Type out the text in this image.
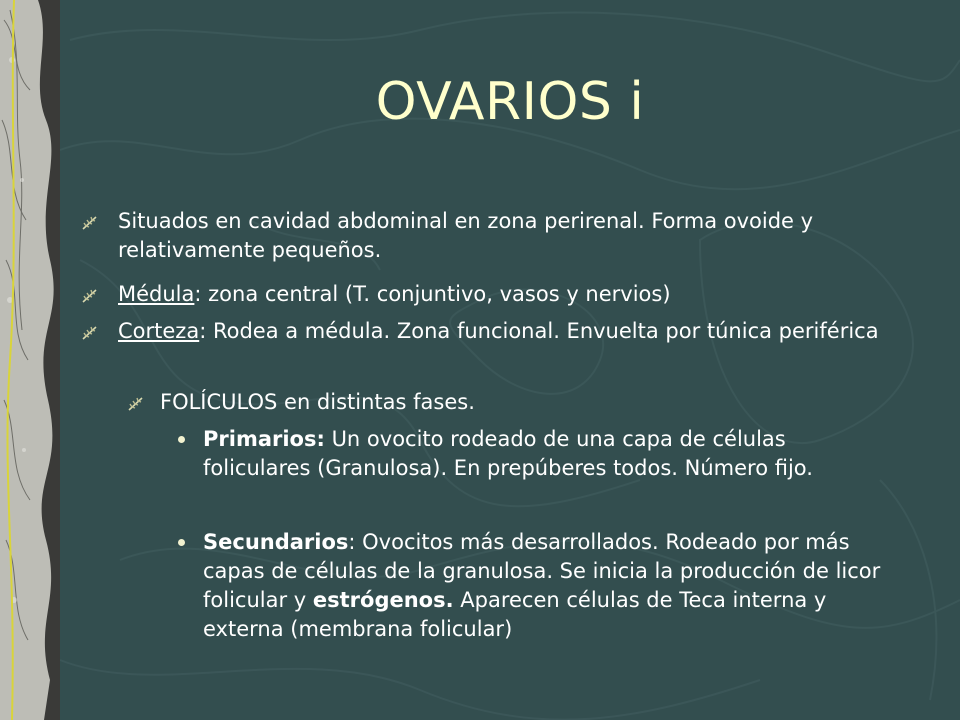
OVARIOS i
Situados en cavidad abdominal en zona perirenal. Forma ovoide y relativamente pequeños.
Médula: zona central (T. conjuntivo, vasos y nervios)
Corteza: Rodea a médula. Zona funcional. Envuelta por túnica periférica
FOLÍCULOS en distintas fases.
Primarios: Un ovocito rodeado de una capa de células foliculares (Granulosa). En prepúberes todos. Número fijo.
Secundarios: Ovocitos más desarrollados. Rodeado por más capas de células de la granulosa. Se inicia la producción de licor folicular y estrógenos. Aparecen células de Teca interna y externa (membrana folicular)
